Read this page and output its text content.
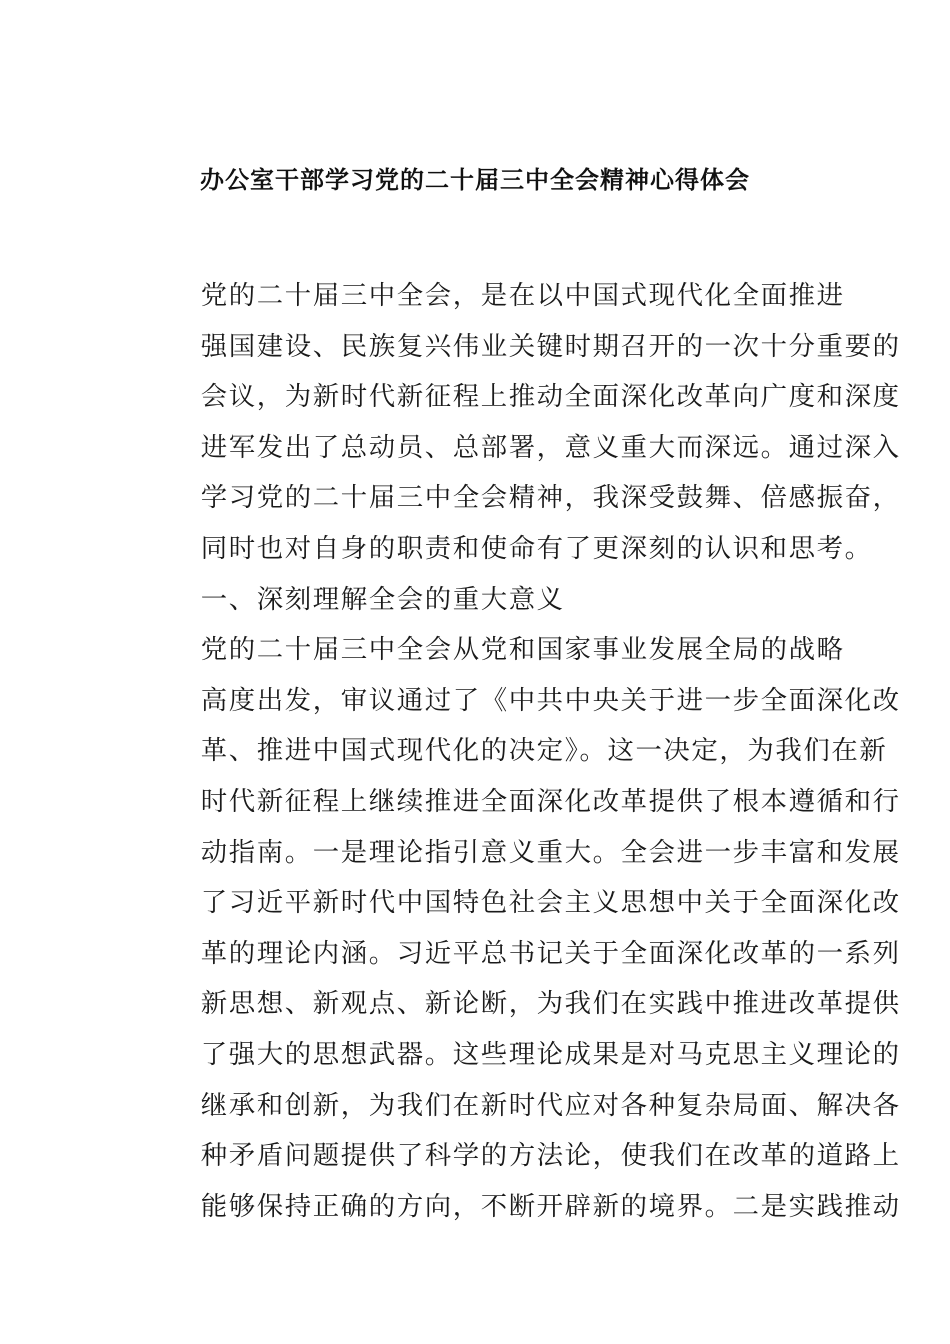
办公室干部学习党的二十届三中全会精神心得体会

党的二十届三中全会，是在以中国式现代化全面推进
强国建设、民族复兴伟业关键时期召开的一次十分重要的
会议，为新时代新征程上推动全面深化改革向广度和深度
进军发出了总动员、总部署，意义重大而深远。通过深入
学习党的二十届三中全会精神，我深受鼓舞、倍感振奋，
同时也对自身的职责和使命有了更深刻的认识和思考。

一、深刻理解全会的重大意义

党的二十届三中全会从党和国家事业发展全局的战略
高度出发，审议通过了《中共中央关于进一步全面深化改
革、推进中国式现代化的决定》。这一决定，为我们在新
时代新征程上继续推进全面深化改革提供了根本遵循和行
动指南。一是理论指引意义重大。全会进一步丰富和发展
了习近平新时代中国特色社会主义思想中关于全面深化改
革的理论内涵。习近平总书记关于全面深化改革的一系列
新思想、新观点、新论断，为我们在实践中推进改革提供
了强大的思想武器。这些理论成果是对马克思主义理论的
继承和创新，为我们在新时代应对各种复杂局面、解决各
种矛盾问题提供了科学的方法论，使我们在改革的道路上
能够保持正确的方向，不断开辟新的境界。二是实践推动
